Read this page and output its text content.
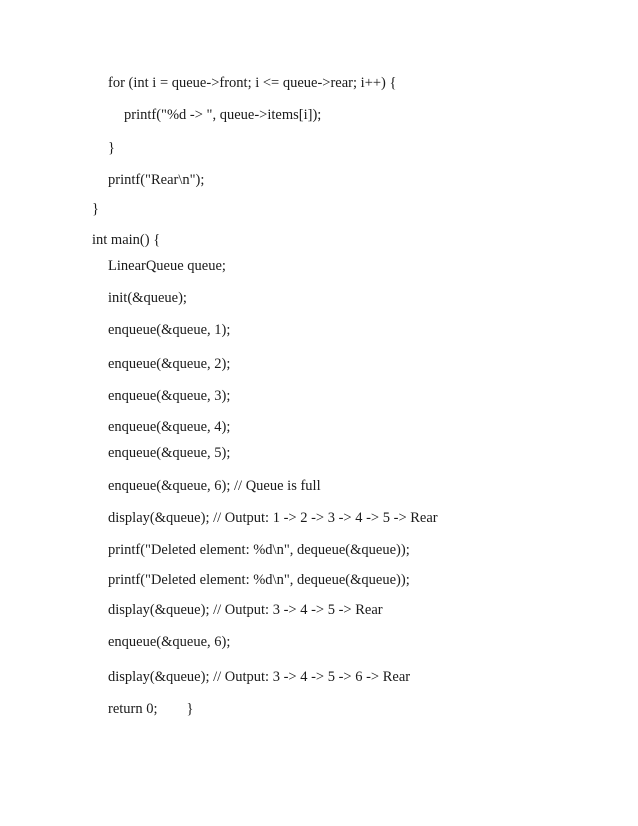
for (int i = queue->front; i <= queue->rear; i++) {
printf("%d -> ", queue->items[i]);
}
printf("Rear\n");
}
int main() {
LinearQueue queue;
init(&queue);
enqueue(&queue, 1);
enqueue(&queue, 2);
enqueue(&queue, 3);
enqueue(&queue, 4);
enqueue(&queue, 5);
enqueue(&queue, 6); // Queue is full
display(&queue); // Output: 1 -> 2 -> 3 -> 4 -> 5 -> Rear
printf("Deleted element: %d\n", dequeue(&queue));
printf("Deleted element: %d\n", dequeue(&queue));
display(&queue); // Output: 3 -> 4 -> 5 -> Rear
enqueue(&queue, 6);
display(&queue); // Output: 3 -> 4 -> 5 -> 6 -> Rear
return 0;        }
